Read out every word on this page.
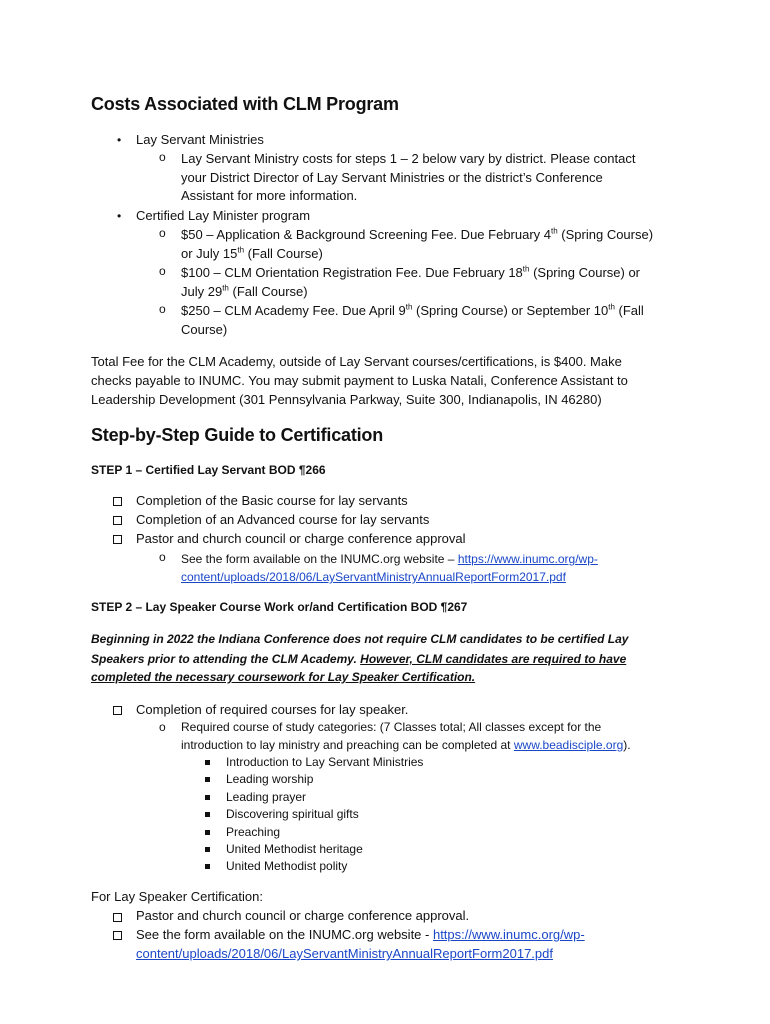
Costs Associated with CLM Program
• Lay Servant Ministries
o Lay Servant Ministry costs for steps 1 – 2 below vary by district. Please contact
your District Director of Lay Servant Ministries or the district’s Conference
Assistant for more information.
• Certified Lay Minister program
o $50 – Application & Background Screening Fee. Due February 4th (Spring Course)
or July 15th (Fall Course)
o $100 – CLM Orientation Registration Fee. Due February 18th (Spring Course) or
July 29th (Fall Course)
o $250 – CLM Academy Fee. Due April 9th (Spring Course) or September 10th (Fall
Course)
Total Fee for the CLM Academy, outside of Lay Servant courses/certifications, is $400. Make
checks payable to INUMC. You may submit payment to Luska Natali, Conference Assistant to
Leadership Development (301 Pennsylvania Parkway, Suite 300, Indianapolis, IN 46280)
Step-by-Step Guide to Certification
STEP 1 – Certified Lay Servant BOD ¶266
Completion of the Basic course for lay servants
Completion of an Advanced course for lay servants
Pastor and church council or charge conference approval
o See the form available on the INUMC.org website – https://www.inumc.org/wp-
content/uploads/2018/06/LayServantMinistryAnnualReportForm2017.pdf
STEP 2 – Lay Speaker Course Work or/and Certification BOD ¶267
Beginning in 2022 the Indiana Conference does not require CLM candidates to be certified Lay
Speakers prior to attending the CLM Academy. However, CLM candidates are required to have
completed the necessary coursework for Lay Speaker Certification.
Completion of required courses for lay speaker.
o Required course of study categories: (7 Classes total; All classes except for the
introduction to lay ministry and preaching can be completed at www.beadisciple.org).
Introduction to Lay Servant Ministries
Leading worship
Leading prayer
Discovering spiritual gifts
Preaching
United Methodist heritage
United Methodist polity
For Lay Speaker Certification:
Pastor and church council or charge conference approval.
See the form available on the INUMC.org website - https://www.inumc.org/wp-
content/uploads/2018/06/LayServantMinistryAnnualReportForm2017.pdf
